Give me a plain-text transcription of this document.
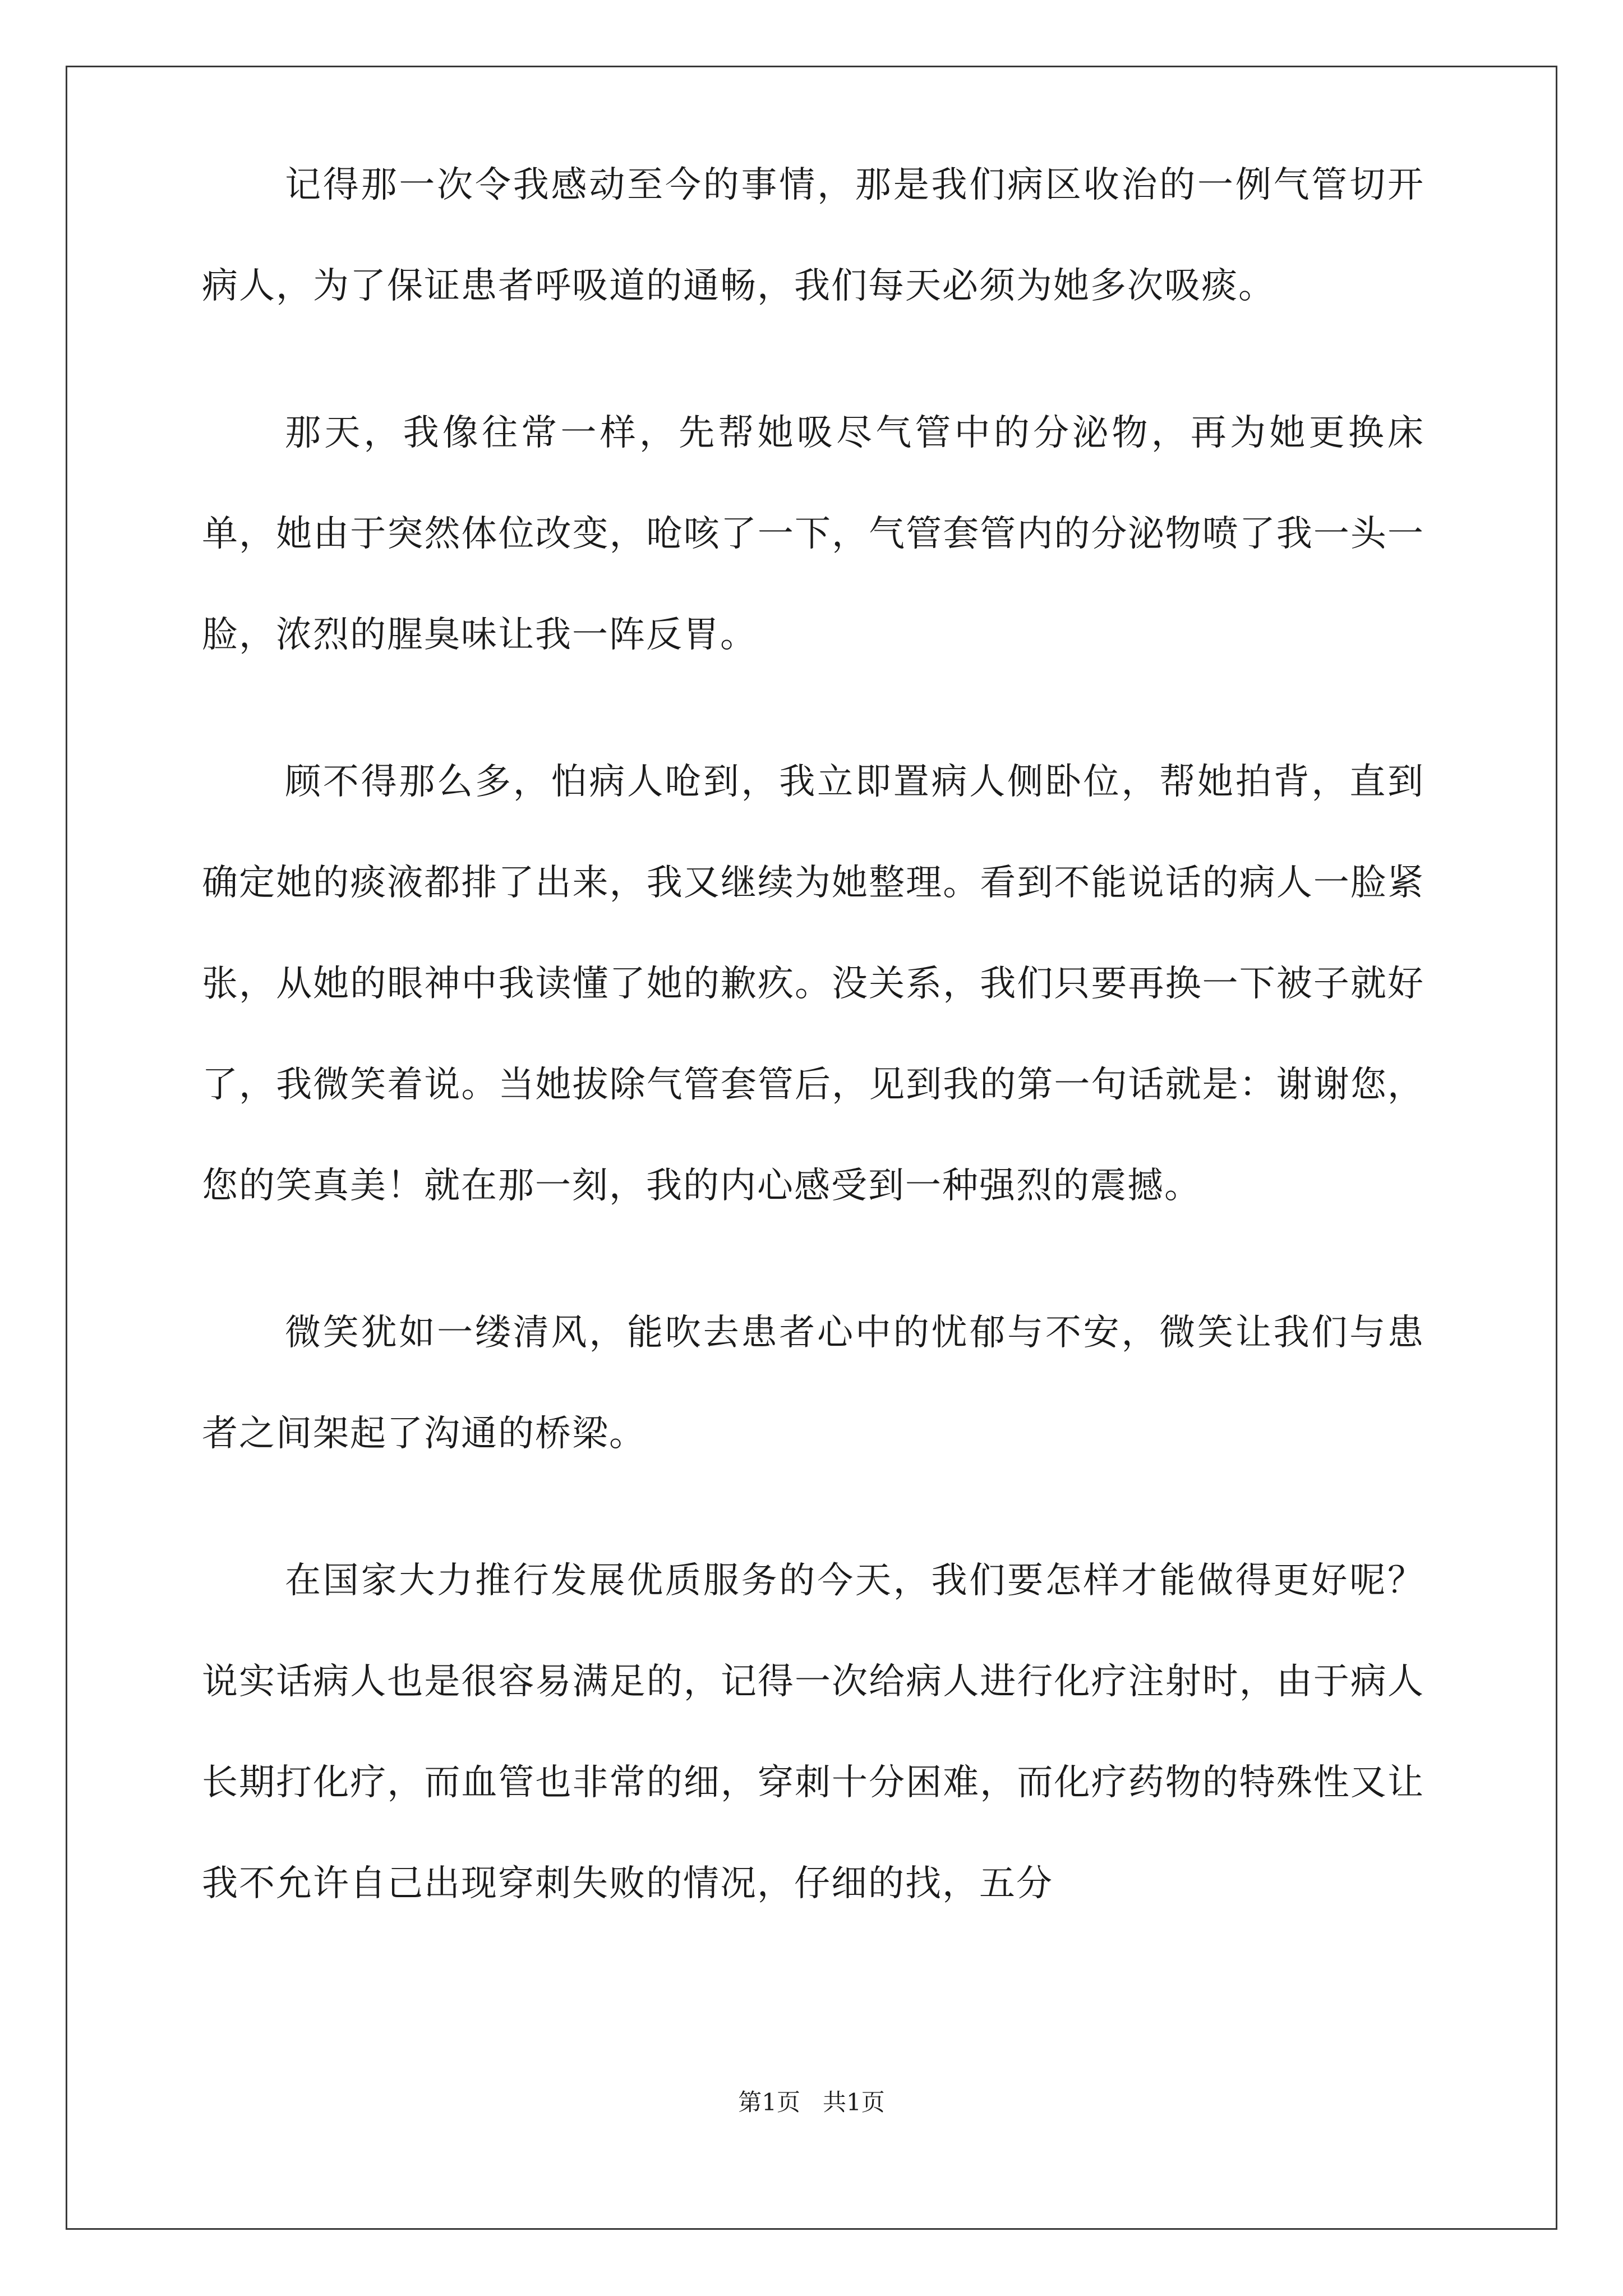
记得那一次令我感动至今的事情，那是我们病区收治的一例气管切开病人，为了保证患者呼吸道的通畅，我们每天必须为她多次吸痰。

那天，我像往常一样，先帮她吸尽气管中的分泌物，再为她更换床单，她由于突然体位改变，呛咳了一下，气管套管内的分泌物喷了我一头一脸，浓烈的腥臭味让我一阵反胃。

顾不得那么多，怕病人呛到，我立即置病人侧卧位，帮她拍背，直到确定她的痰液都排了出来，我又继续为她整理。看到不能说话的病人一脸紧张，从她的眼神中我读懂了她的歉疚。没关系，我们只要再换一下被子就好了，我微笑着说。当她拔除气管套管后，见到我的第一句话就是：谢谢您，您的笑真美！就在那一刻，我的内心感受到一种强烈的震撼。

微笑犹如一缕清风，能吹去患者心中的忧郁与不安，微笑让我们与患者之间架起了沟通的桥梁。

在国家大力推行发展优质服务的今天，我们要怎样才能做得更好呢？说实话病人也是很容易满足的，记得一次给病人进行化疗注射时，由于病人长期打化疗，而血管也非常的细，穿刺十分困难，而化疗药物的特殊性又让我不允许自己出现穿刺失败的情况，仔细的找，五分

第1页 共1页
